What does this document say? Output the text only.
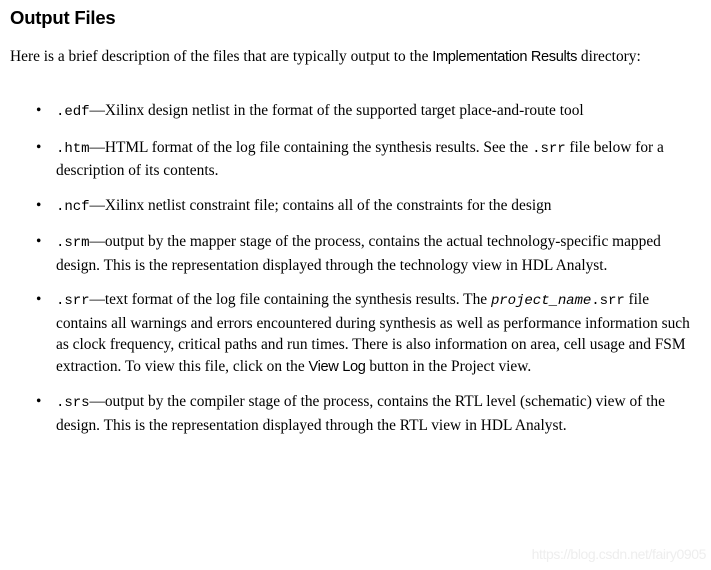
Output Files

Here is a brief description of the files that are typically output to the Implementation Results directory:

• .edf—Xilinx design netlist in the format of the supported target place-and-route tool
• .htm—HTML format of the log file containing the synthesis results. See the .srr file below for a description of its contents.
• .ncf—Xilinx netlist constraint file; contains all of the constraints for the design
• .srm—output by the mapper stage of the process, contains the actual technology-specific mapped design. This is the representation displayed through the technology view in HDL Analyst.
• .srr—text format of the log file containing the synthesis results. The project_name.srr file contains all warnings and errors encountered during synthesis as well as performance information such as clock frequency, critical paths and run times. There is also information on area, cell usage and FSM extraction. To view this file, click on the View Log button in the Project view.
• .srs—output by the compiler stage of the process, contains the RTL level (schematic) view of the design. This is the representation displayed through the RTL view in HDL Analyst.
https://blog.csdn.net/fairy0905
